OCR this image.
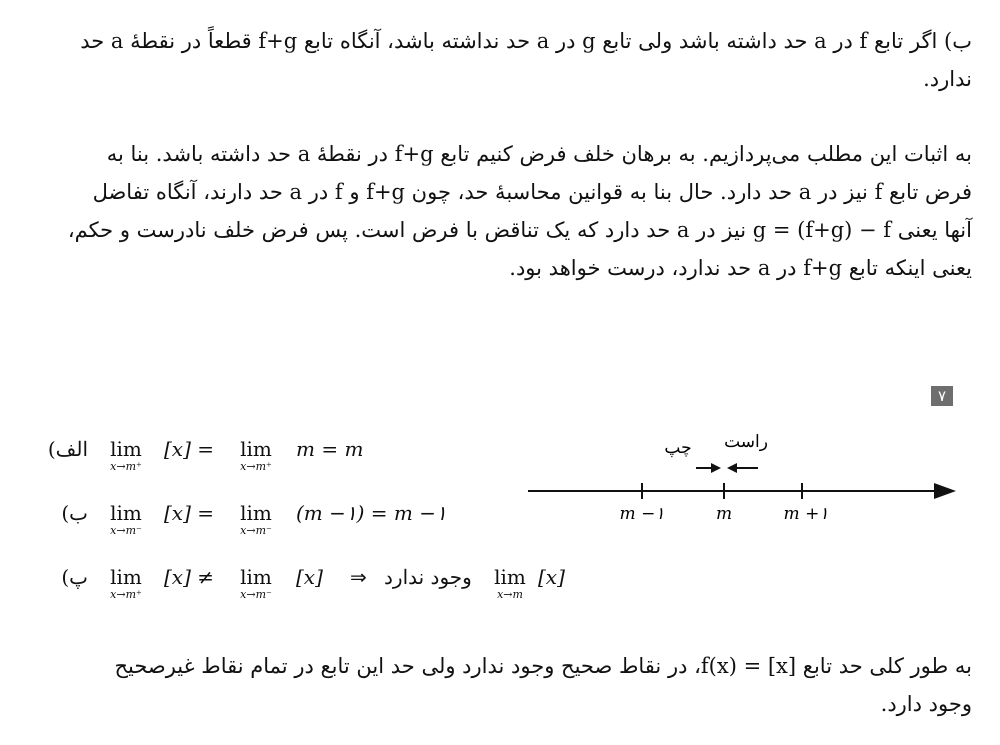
ب) اگر تابع f در a حد داشته باشد ولی تابع g در a حد نداشته باشد، آنگاه تابع f+g قطعاً در نقطهٔ a حد

ندارد.

به اثبات این مطلب می‌پردازیم. به برهان خلف فرض کنیم تابع f+g در نقطهٔ a حد داشته باشد. بنا به

فرض تابع f نیز در a حد دارد. حال بنا به قوانین محاسبهٔ حد، چون f+g و f در a حد دارند، آنگاه تفاضل

آنها یعنی g = (f+g) − f نیز در a حد دارد که یک تناقض با فرض است. پس فرض خلف نادرست و حکم،

یعنی اینکه تابع f+g در a حد ندارد، درست خواهد بود.

۷
الف)	lim
x→m⁺
[x] =	lim
x→m⁺
m = m
ب)	lim
x→m⁻
[x] =	lim
x→m⁻
(m −۱) = m −۱
پ)	lim
x→m⁺
[x] ≠	lim
x→m⁻
[x] ⇒ وجود ندارد	lim
x→m
[x]
چپ راست
m −۱	m	m +۱

به طور کلی حد تابع f(x) = [x]، در نقاط صحیح وجود ندارد ولی حد این تابع در تمام نقاط غیرصحیح

وجود دارد.
